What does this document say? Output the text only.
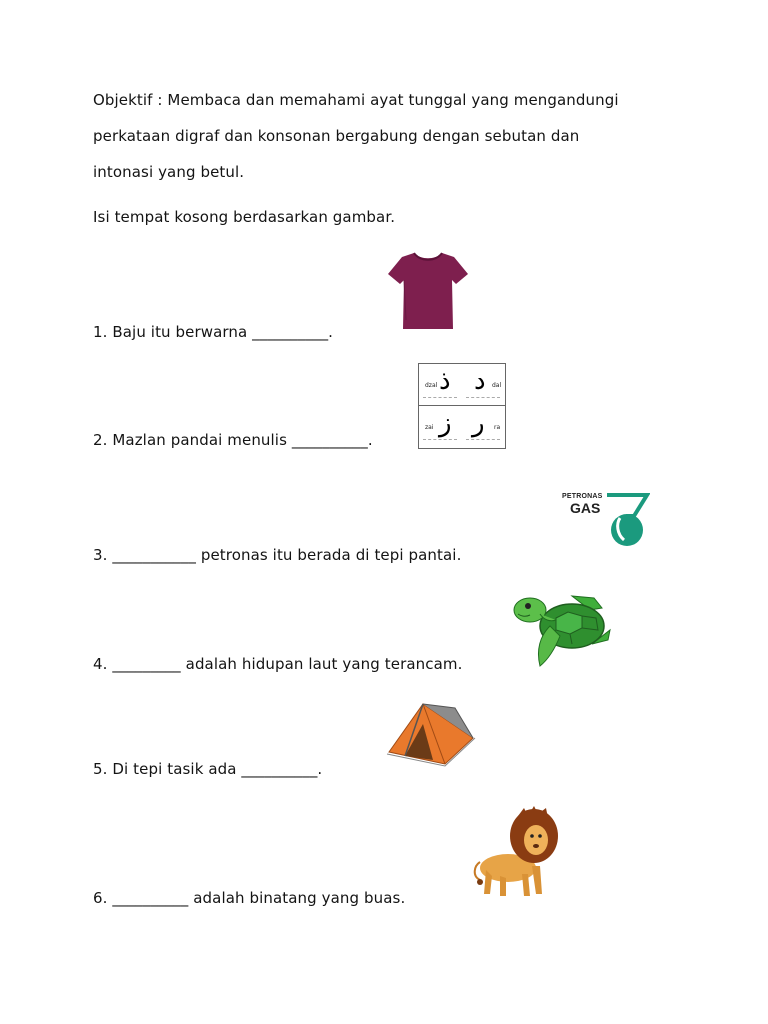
Objektif : Membaca dan memahami ayat tunggal yang mengandungi
perkataan digraf dan konsonan bergabung dengan sebutan dan
intonasi yang betul.
Isi tempat kosong berdasarkan gambar.
1. Baju itu berwarna __________.
2. Mazlan pandai menulis __________.
3. ___________ petronas itu berada di tepi pantai.
4. _________ adalah hidupan laut yang terancam.
5. Di tepi tasik ada __________.
6. __________ adalah binatang yang buas.
dzal ذ د dal
zai ز ر ra
PETRONAS
GAS
